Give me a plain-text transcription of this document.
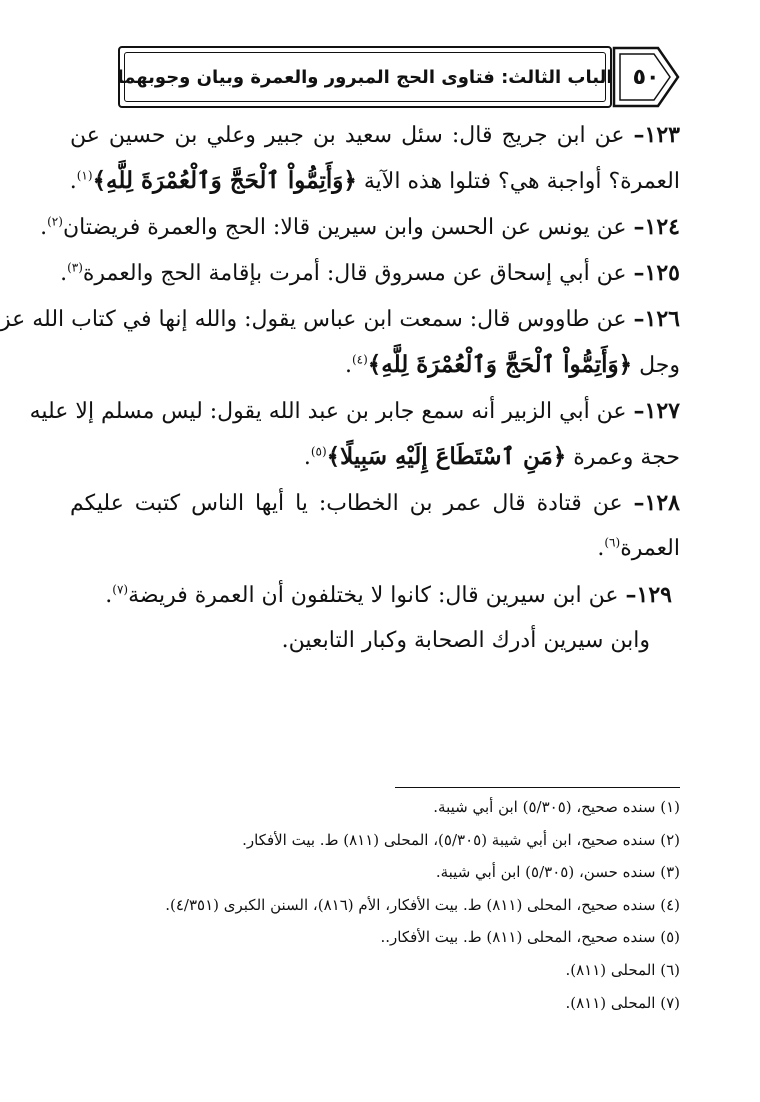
٥٠
الباب الثالث: فتاوى الحج المبرور والعمرة وبيان وجوبهما
١٢٣– عن ابن جريج قال: سئل سعيد بن جبير وعلي بن حسين عن
العمرة؟ أواجبة هي؟ فتلوا هذه الآية ﴿وَأَتِمُّواْ ٱلْحَجَّ وَٱلْعُمْرَةَ لِلَّهِ﴾$^{(١)}$.
١٢٤– عن يونس عن الحسن وابن سيرين قالا: الحج والعمرة فريضتان$^{(٢)}$.
١٢٥– عن أبي إسحاق عن مسروق قال: أمرت بإقامة الحج والعمرة$^{(٣)}$.
١٢٦– عن طاووس قال: سمعت ابن عباس يقول: والله إنها في كتاب الله عز
وجل ﴿وَأَتِمُّواْ ٱلْحَجَّ وَٱلْعُمْرَةَ لِلَّهِ﴾$^{(٤)}$.
١٢٧– عن أبي الزبير أنه سمع جابر بن عبد الله يقول: ليس مسلم إلا عليه
حجة وعمرة ﴿مَنِ ٱسْتَطَاعَ إِلَيْهِ سَبِيلًا﴾$^{(٥)}$.
١٢٨– عن قتادة قال عمر بن الخطاب: يا أيها الناس كتبت عليكم
العمرة$^{(٦)}$.
١٢٩– عن ابن سيرين قال: كانوا لا يختلفون أن العمرة فريضة$^{(٧)}$.
وابن سيرين أدرك الصحابة وكبار التابعين.
(١) سنده صحيح، (٥/٣٠٥) ابن أبي شيبة.
(٢) سنده صحيح، ابن أبي شيبة (٥/٣٠٥)، المحلى (٨١١) ط. بيت الأفكار.
(٣) سنده حسن، (٥/٣٠٥) ابن أبي شيبة.
(٤) سنده صحيح، المحلى (٨١١) ط. بيت الأفكار، الأم (٨١٦)، السنن الكبرى (٤/٣٥١).
(٥) سنده صحيح، المحلى (٨١١) ط. بيت الأفكار..
(٦) المحلى (٨١١).
(٧) المحلى (٨١١).
